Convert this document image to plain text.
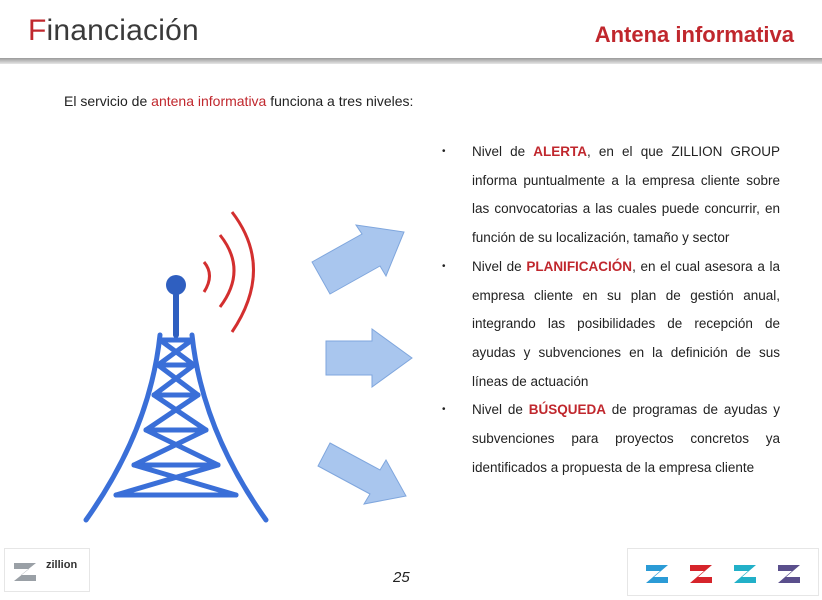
Financiación	Antena informativa
El servicio de antena informativa funciona a tres niveles:
• Nivel de ALERTA, en el que ZILLION GROUP informa puntualmente a la empresa cliente sobre las convocatorias a las cuales puede concurrir, en función de su localización, tamaño y sector
• Nivel de PLANIFICACIÓN, en el cual asesora a la empresa cliente en su plan de gestión anual, integrando las posibilidades de recepción de ayudas y subvenciones en la definición de sus líneas de actuación
• Nivel de BÚSQUEDA de programas de ayudas y subvenciones para proyectos concretos ya identificados a propuesta de la empresa cliente
zillion
25
